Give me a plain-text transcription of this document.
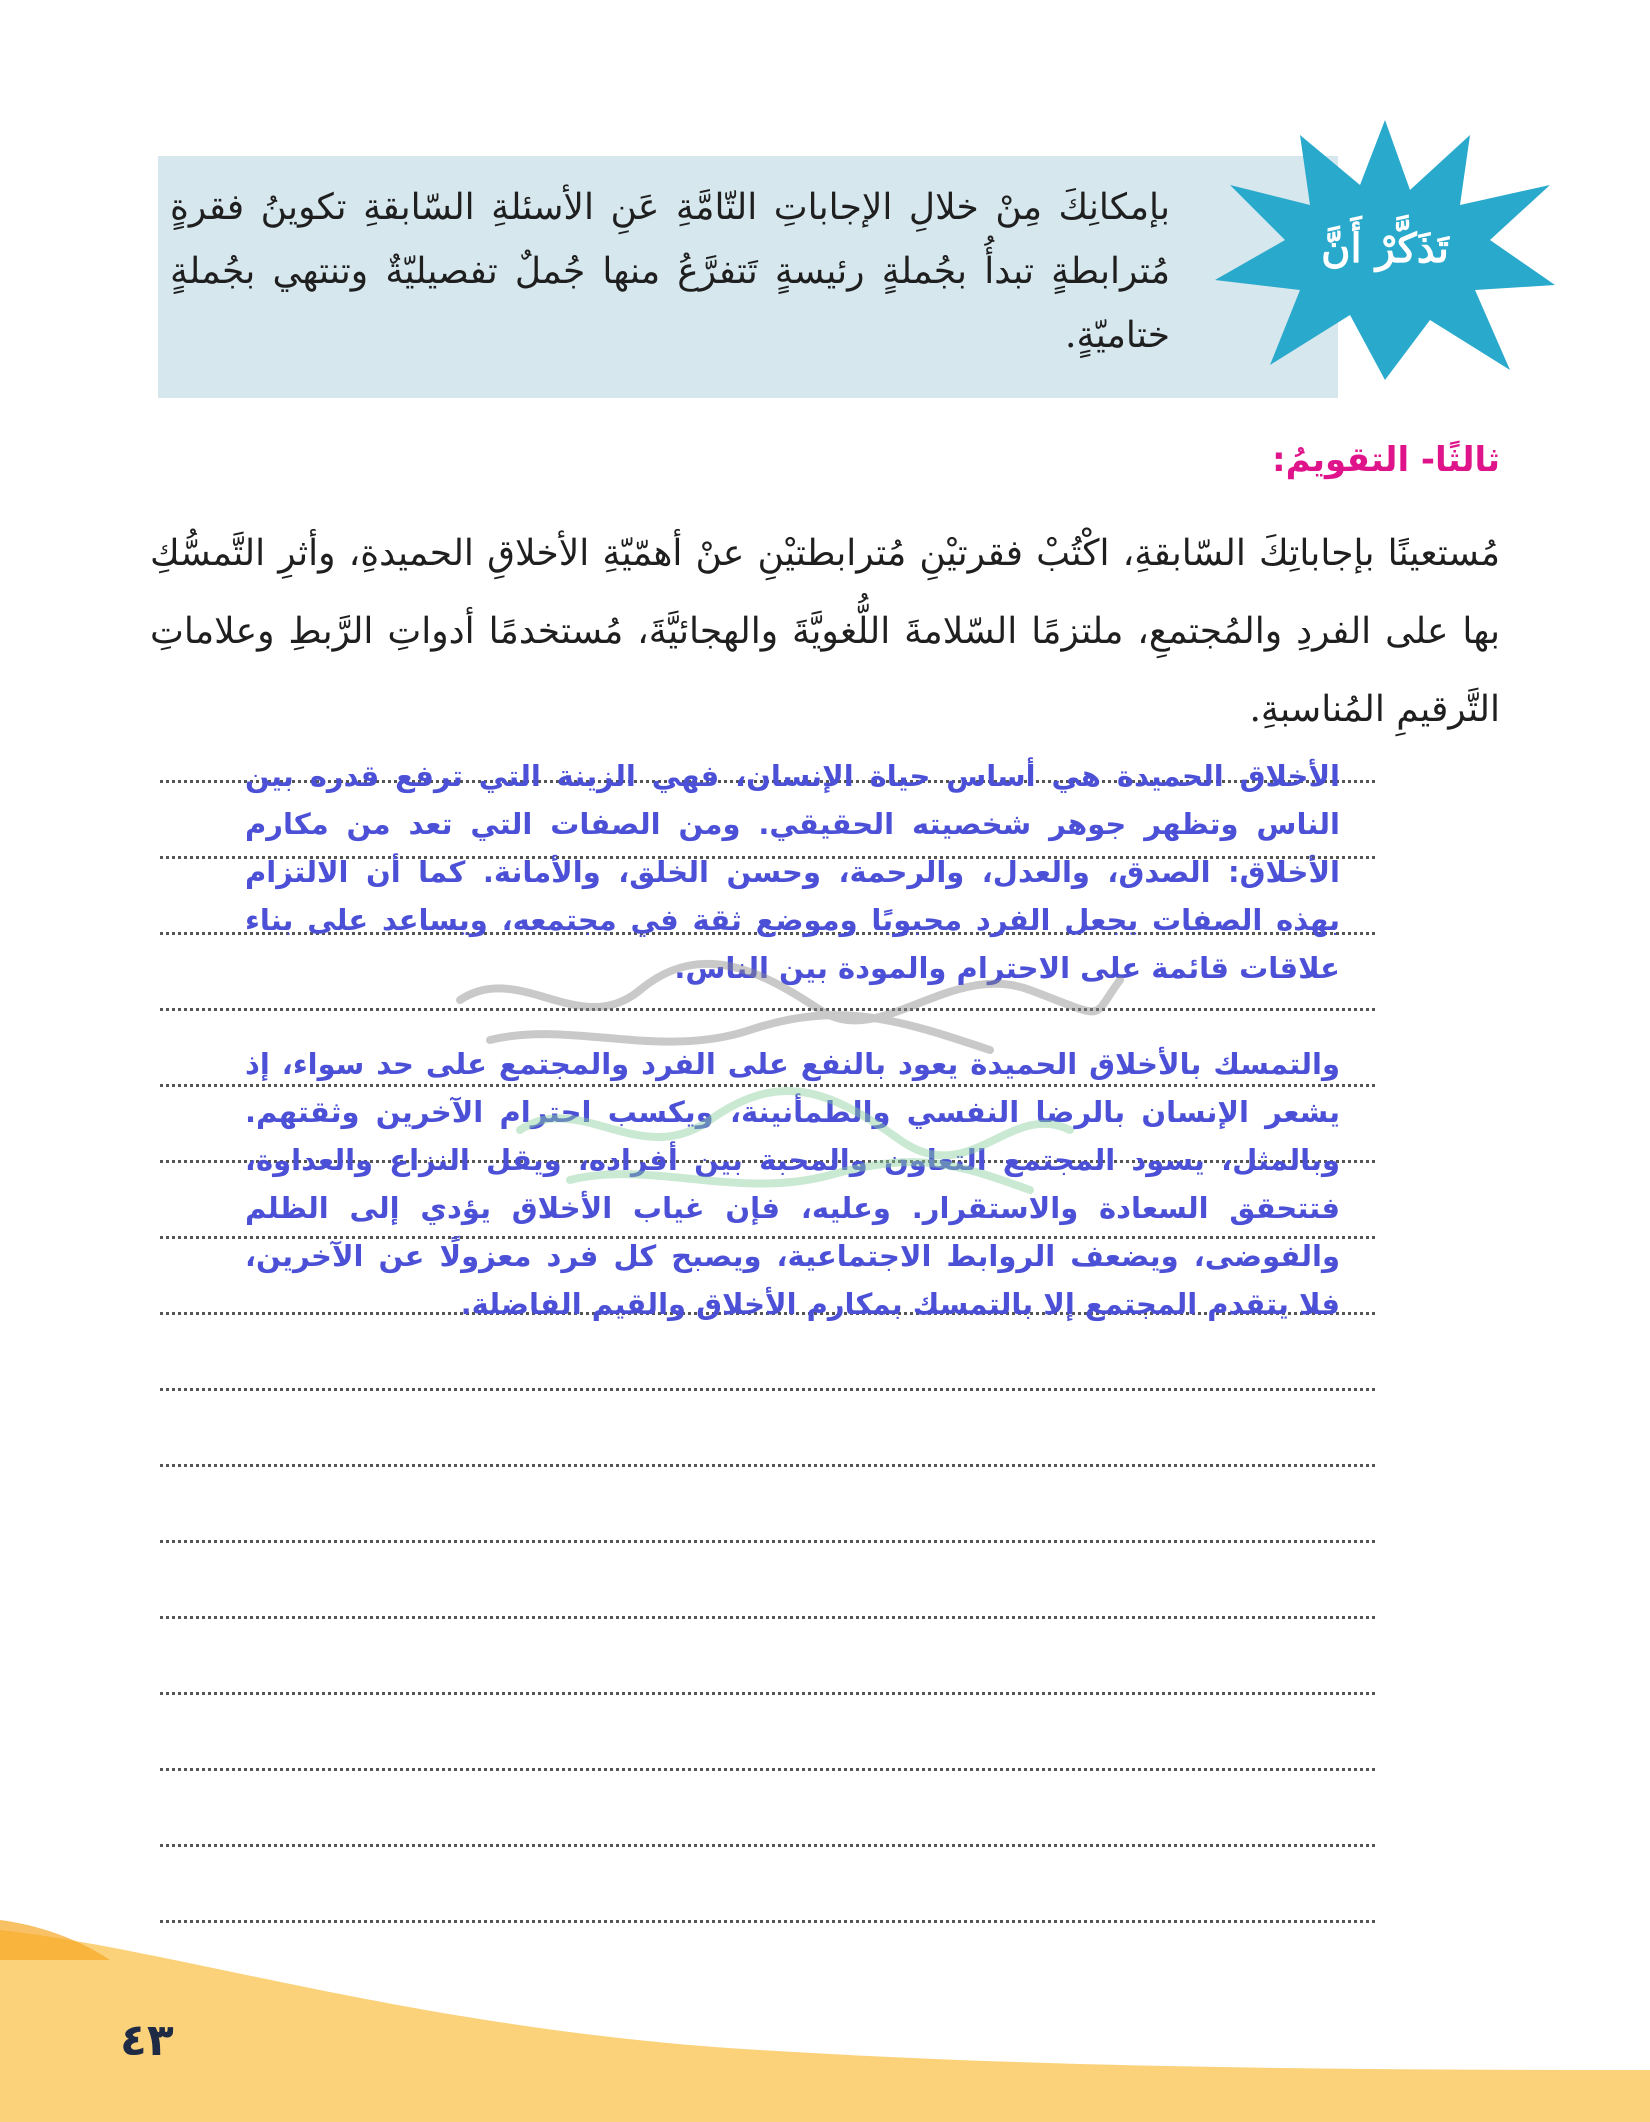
بإمكانِكَ مِنْ خلالِ الإجاباتِ التّامَّةِ عَنِ الأسئلةِ السّابقةِ تكوينُ فقرةٍ مُترابطةٍ تبدأُ بجُملةٍ رئيسةٍ تَتفرَّعُ منها جُملٌ تفصيليّةٌ وتنتهي بجُملةٍ ختاميّةٍ.
تَذَكَّرْ أَنَّ
ثالثًا- التقويمُ:
مُستعينًا بإجاباتِكَ السّابقةِ، اكْتُبْ فقرتيْنِ مُترابطتيْنِ عنْ أهمّيّةِ الأخلاقِ الحميدةِ، وأثرِ التَّمسُّكِ بها على الفردِ والمُجتمعِ، ملتزمًا السّلامةَ اللُّغويَّةَ والهجائيَّةَ، مُستخدمًا أدواتِ الرَّبطِ وعلاماتِ التَّرقيمِ المُناسبةِ.
الأخلاق الحميدة هي أساس حياة الإنسان، فهي الزينة التي ترفع قدره بين الناس وتظهر جوهر شخصيته الحقيقي. ومن الصفات التي تعد من مكارم الأخلاق: الصدق، والعدل، والرحمة، وحسن الخلق، والأمانة. كما أن الالتزام بهذه الصفات يجعل الفرد محبوبًا وموضع ثقة في مجتمعه، ويساعد على بناء علاقات قائمة على الاحترام والمودة بين الناس.
والتمسك بالأخلاق الحميدة يعود بالنفع على الفرد والمجتمع على حد سواء، إذ يشعر الإنسان بالرضا النفسي والطمأنينة، ويكسب احترام الآخرين وثقتهم. وبالمثل، يسود المجتمع التعاون والمحبة بين أفراده، ويقل النزاع والعداوة، فتتحقق السعادة والاستقرار. وعليه، فإن غياب الأخلاق يؤدي إلى الظلم والفوضى، ويضعف الروابط الاجتماعية، ويصبح كل فرد معزولًا عن الآخرين، فلا يتقدم المجتمع إلا بالتمسك بمكارم الأخلاق والقيم الفاضلة.
٤٣
